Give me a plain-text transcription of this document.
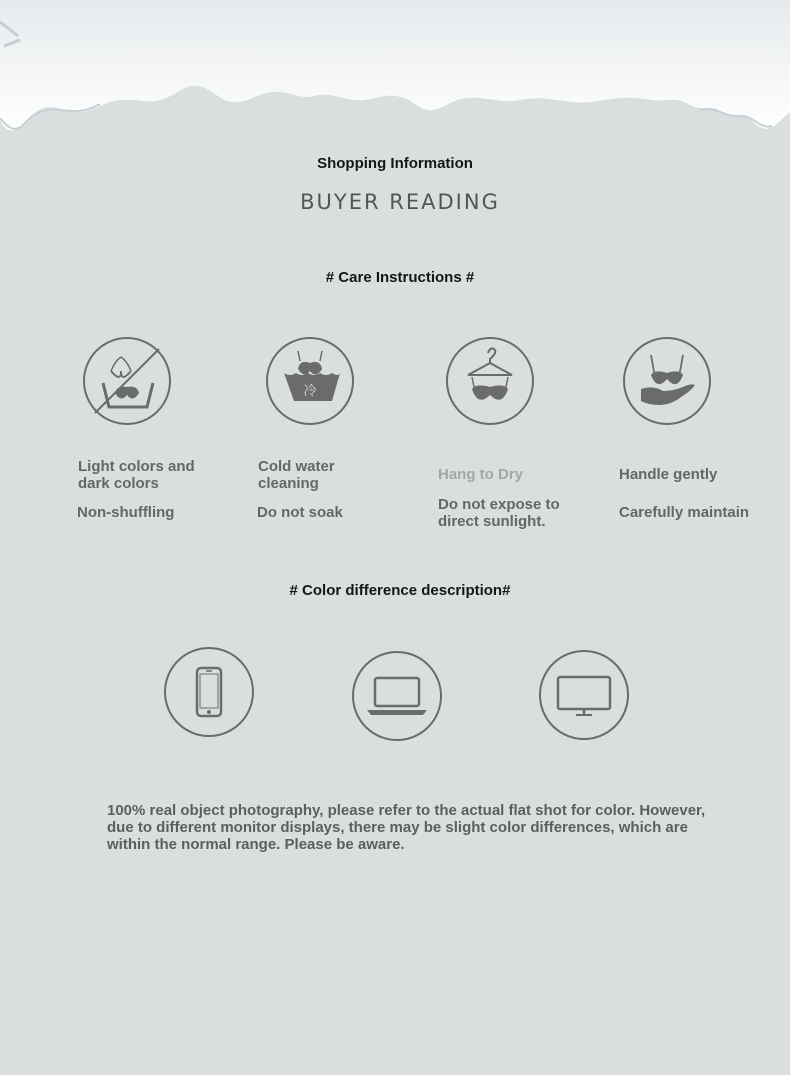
Shopping Information
BUYER READING
# Care Instructions #
冷

Light colors and dark colors

Non-shuffling

Cold water cleaning

Do not soak

Hang to Dry

Do not expose to direct sunlight.

Handle gently

Carefully maintain

# Color difference description#

100% real object photography, please refer to the actual flat shot for color. However, due to different monitor displays, there may be slight color differences, which are within the normal range. Please be aware.
